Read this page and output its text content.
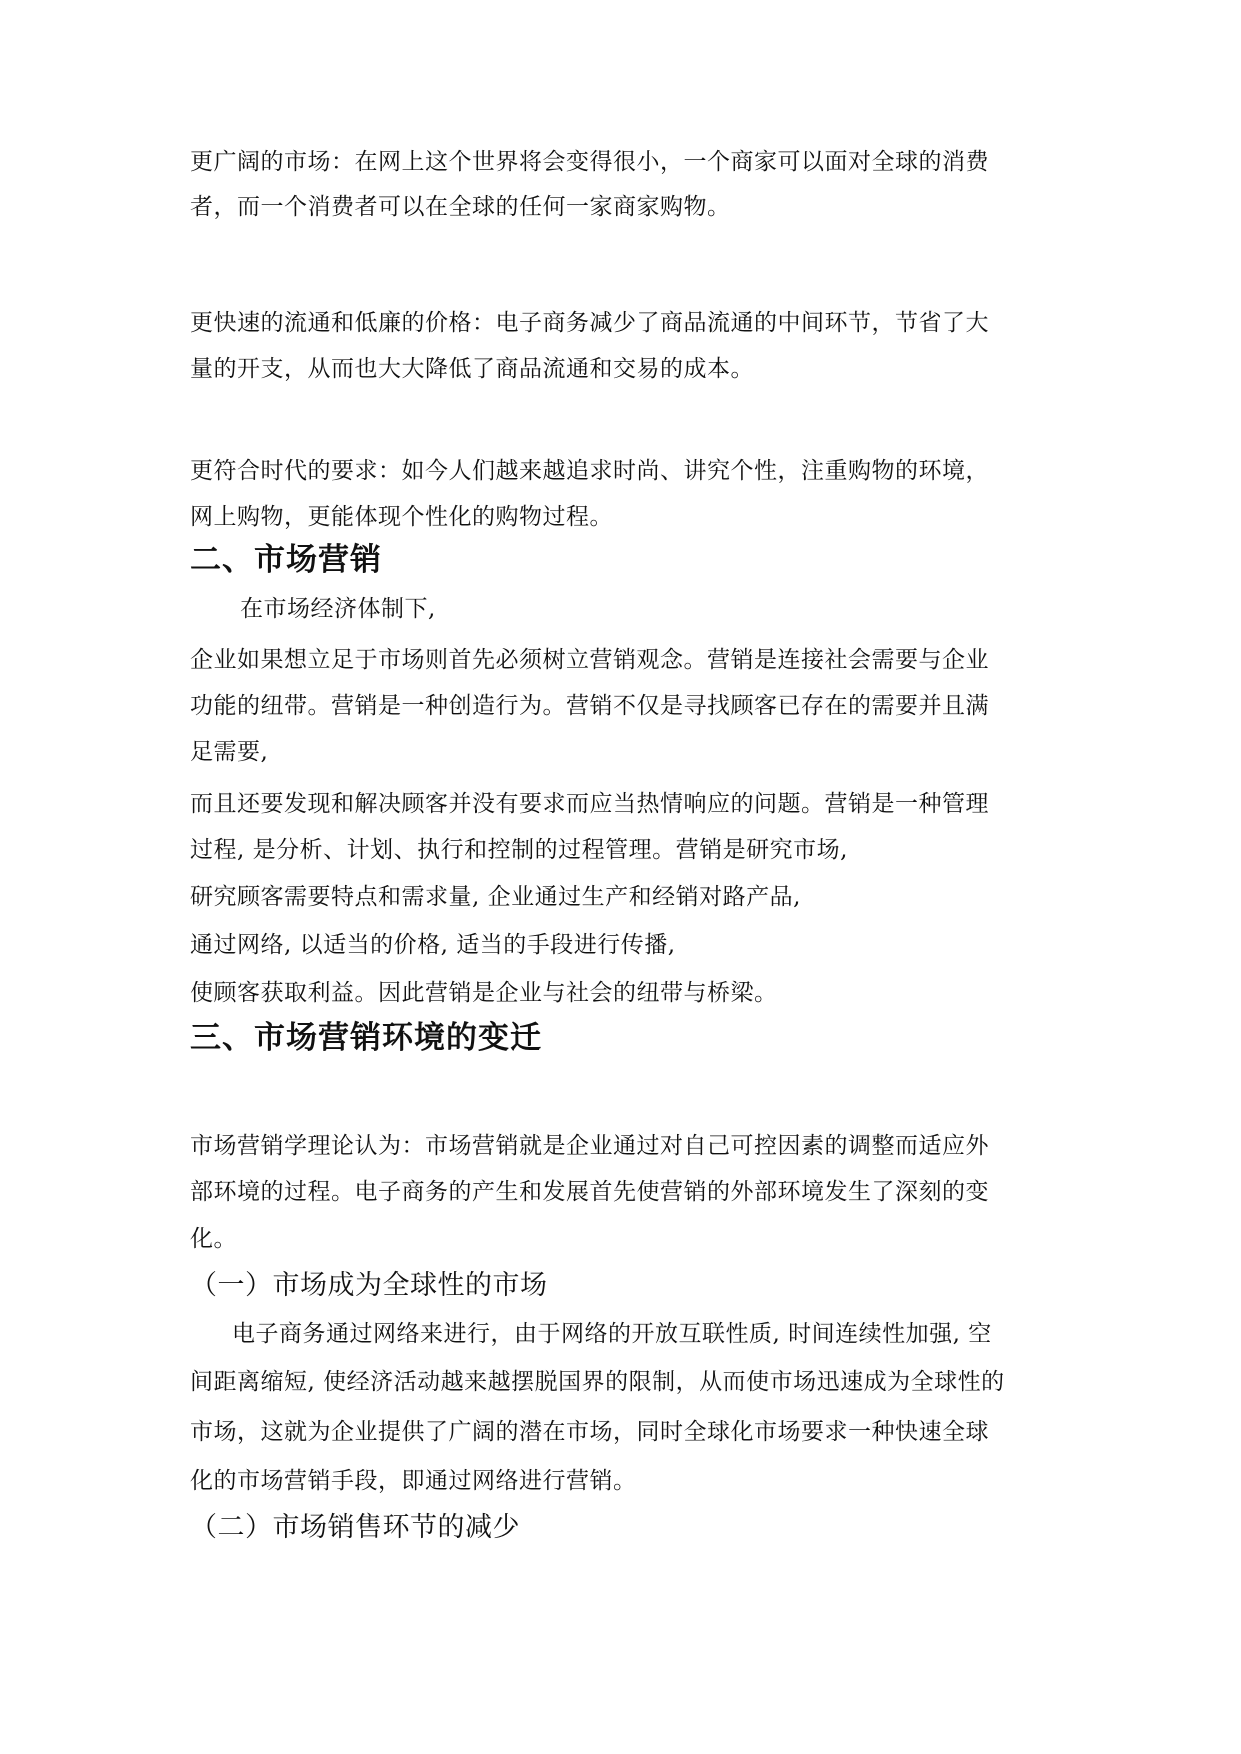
更广阔的市场：在网上这个世界将会变得很小，一个商家可以面对全球的消费
者，而一个消费者可以在全球的任何一家商家购物。
更快速的流通和低廉的价格：电子商务减少了商品流通的中间环节，节省了大
量的开支，从而也大大降低了商品流通和交易的成本。
更符合时代的要求：如今人们越来越追求时尚、讲究个性，注重购物的环境，
网上购物，更能体现个性化的购物过程。
二、市场营销
在市场经济体制下,
企业如果想立足于市场则首先必须树立营销观念。营销是连接社会需要与企业
功能的纽带。营销是一种创造行为。营销不仅是寻找顾客已存在的需要并且满
足需要,
而且还要发现和解决顾客并没有要求而应当热情响应的问题。营销是一种管理
过程, 是分析、计划、执行和控制的过程管理。营销是研究市场,
研究顾客需要特点和需求量, 企业通过生产和经销对路产品,
通过网络, 以适当的价格, 适当的手段进行传播,
使顾客获取利益。因此营销是企业与社会的纽带与桥梁。
三、市场营销环境的变迁
市场营销学理论认为：市场营销就是企业通过对自己可控因素的调整而适应外
部环境的过程。电子商务的产生和发展首先使营销的外部环境发生了深刻的变
化。
（一）市场成为全球性的市场
电子商务通过网络来进行，由于网络的开放互联性质, 时间连续性加强, 空
间距离缩短, 使经济活动越来越摆脱国界的限制，从而使市场迅速成为全球性的
市场，这就为企业提供了广阔的潜在市场，同时全球化市场要求一种快速全球
化的市场营销手段，即通过网络进行营销。
（二）市场销售环节的减少
